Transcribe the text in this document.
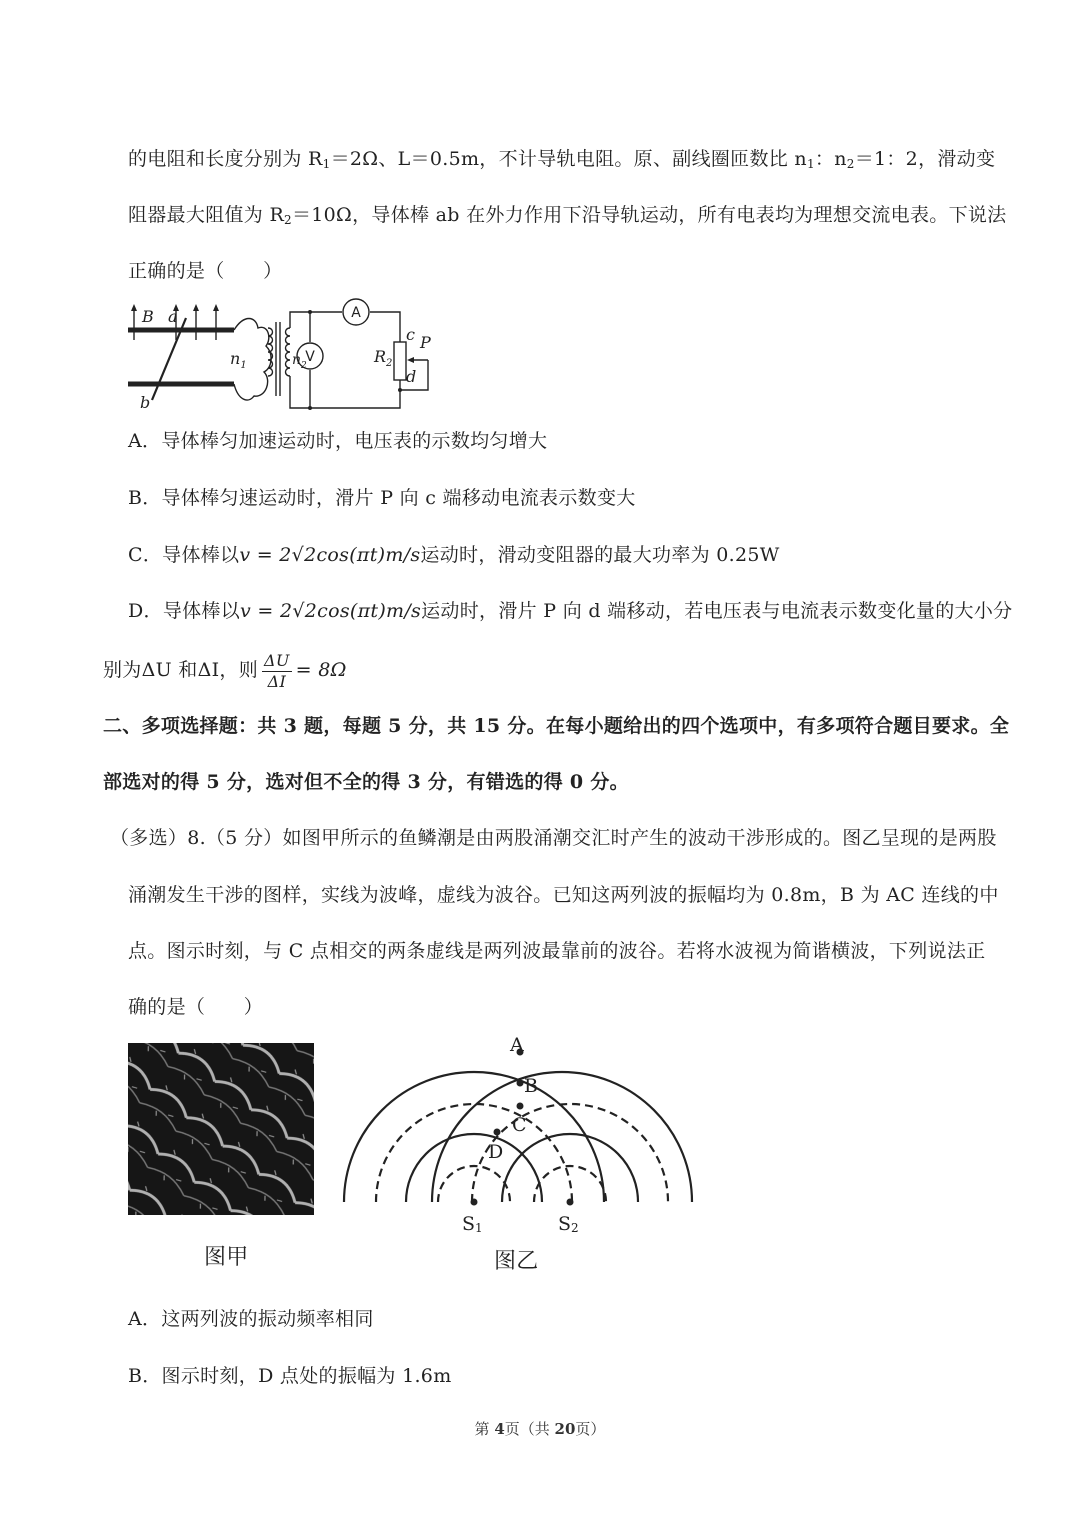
的电阻和长度分别为 $R_1=2\Omega$、L＝0.5m，不计导轨电阻。原、副线圈匝数比 $n_1$：$n_2=1$：2，滑动变
阻器最大阻值为 $R_2=10\Omega$，导体棒 ab 在外力作用下沿导轨运动，所有电表均为理想交流电表。下说法
正确的是（　　）
B a
b
$n_1$	$n_2$	$R_2$
c
d
P
A
V
A．导体棒匀加速运动时，电压表的示数均匀增大
B．导体棒匀速运动时，滑片 P 向 c 端移动电流表示数变大
C．导体棒以v = 2√2cos(πt)m/s运动时，滑动变阻器的最大功率为 0.25W
D．导体棒以v = 2√2cos(πt)m/s运动时，滑片 P 向 d 端移动，若电压表与电流表示数变化量的大小分
别为ΔU 和ΔI，则 $\frac{\Delta U}{\Delta I} = 8\Omega$
二、多项选择题：共 3 题，每题 5 分，共 15 分。在每小题给出的四个选项中，有多项符合题目要求。全
部选对的得 5 分，选对但不全的得 3 分，有错选的得 0 分。
（多选）8.（5 分）如图甲所示的鱼鳞潮是由两股涌潮交汇时产生的波动干涉形成的。图乙呈现的是两股
涌潮发生干涉的图样，实线为波峰，虚线为波谷。已知这两列波的振幅均为 0.8m，B 为 AC 连线的中
点。图示时刻，与 C 点相交的两条虚线是两列波最靠前的波谷。若将水波视为简谐横波，下列说法正
确的是（　　）
图甲
A
B
C
D
S1	S2
图乙
A．这两列波的振动频率相同
B．图示时刻，D 点处的振幅为 1.6m
第 4页（共 20页）
